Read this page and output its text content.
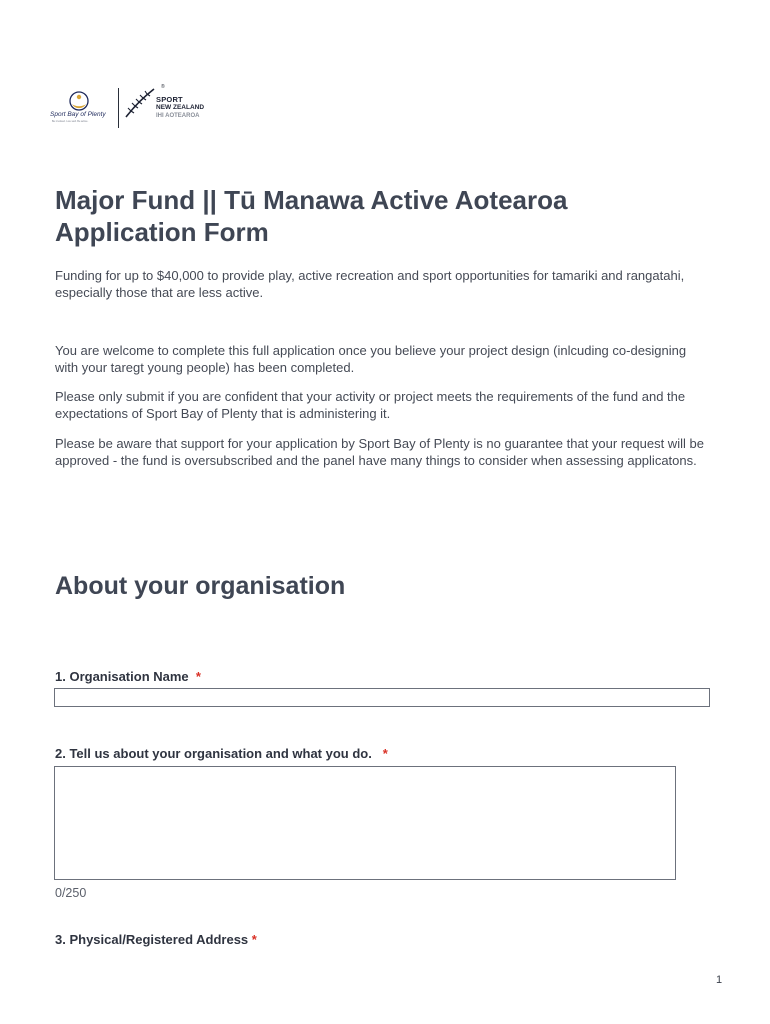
Sport Bay of Plenty
Be involved. Live well. Be active.
®
SPORT
NEW ZEALAND
IHI AOTEAROA
Major Fund || Tū Manawa Active Aotearoa Application Form

Funding for up to $40,000 to provide play, active recreation and sport opportunities for tamariki and rangatahi, especially those that are less active.

You are welcome to complete this full application once you believe your project design (inlcuding co-designing with your taregt young people) has been completed.

Please only submit if you are confident that your activity or project meets the requirements of the fund and the expectations of Sport Bay of Plenty that is administering it.

Please be aware that support for your application by Sport Bay of Plenty is no guarantee that your request will be approved - the fund is oversubscribed and the panel have many things to consider when assessing applicatons.

About your organisation

1. Organisation Name *

2. Tell us about your organisation and what you do. *

0/250

3. Physical/Registered Address *

1
